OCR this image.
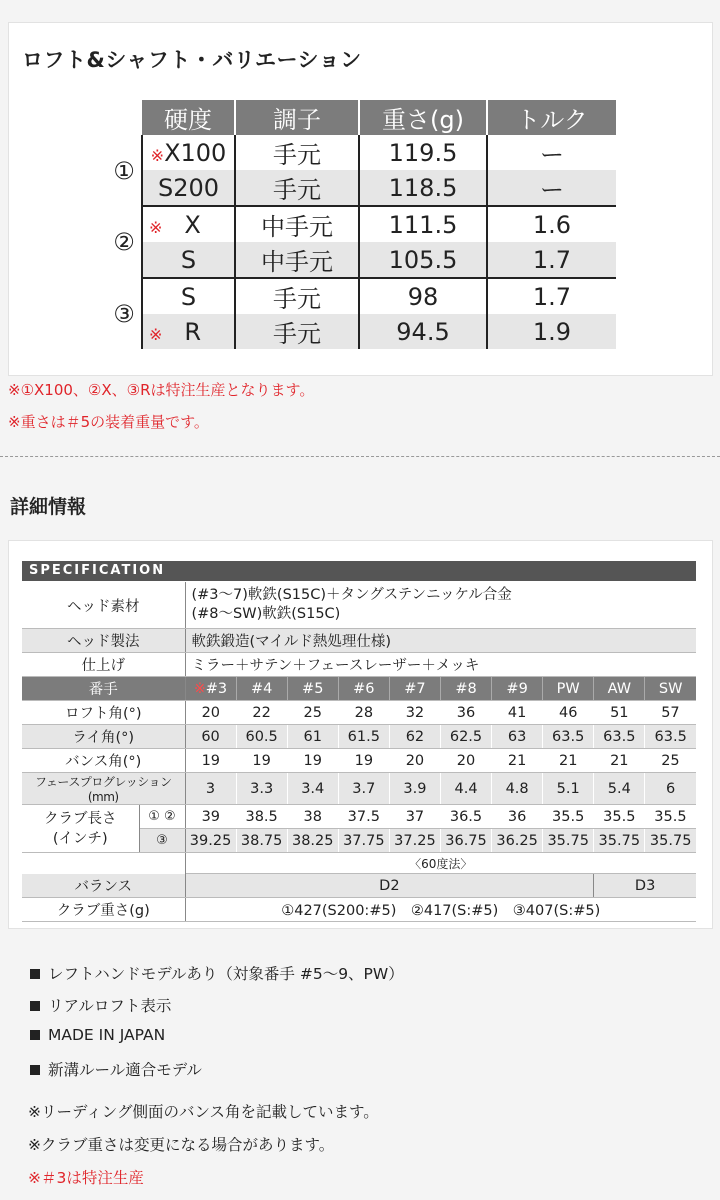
ロフト&シャフト・バリエーション
	硬度	調子	重さ(g)	トルク
①	※X100	手元	119.5	ー
	S200	手元	118.5	ー
②	※ X	中手元	111.5	1.6
	S	中手元	105.5	1.7
③	S	手元	98	1.7
	※ R	手元	94.5	1.9
※①X100、②X、③Rは特注生産となります。
※重さは＃5の装着重量です。
詳細情報
SPECIFICATION
ヘッド素材		(#3〜7)軟鉄(S15C)＋タングステンニッケル合金
(#8〜SW)軟鉄(S15C)									

ヘッド製法		軟鉄鍛造(マイルド熱処理仕様)									
仕上げ		ミラー＋サテン＋フェースレーザー＋メッキ									
番手		※#3	#4	#5	#6	#7	#8	#9	PW	AW	SW
ロフト角(°)		20	22	25	28	32	36	41	46	51	57
ライ角(°)		60	60.5	61	61.5	62	62.5	63	63.5	63.5	63.5
バンス角(°)		19	19	19	19	20	20	21	21	21	25
フェースプログレッション(mm)		3	3.3	3.4	3.7	3.9	4.4	4.8	5.1	5.4	6

クラブ長さ
(インチ)	① ②	39	38.5	38	37.5	37	36.5	36	35.5	35.5	35.5
	③	39.25	38.75	38.25	37.75	37.25	36.75	36.25	35.75	35.75	35.75
		〈60度法〉									
バランス		D2								D3	
クラブ重さ(g)		①427(S200:#5)　②417(S:#5)　③407(S:#5)									
レフトハンドモデルあり（対象番手 #5〜9、PW）
リアルロフト表示
MADE IN JAPAN
新溝ルール適合モデル
※リーディング側面のバンス角を記載しています。
※クラブ重さは変更になる場合があります。
※＃3は特注生産
